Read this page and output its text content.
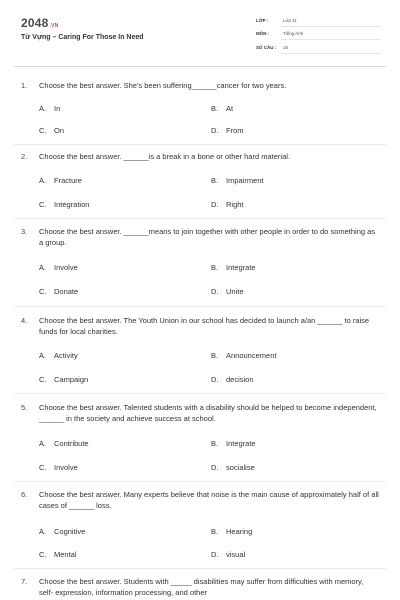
2048.VN
Từ Vựng – Caring For Those In Need
LỚP :	Lớp 11
MÔN :	Tiếng Anh
SỐ CÂU : 15
1. Choose the best answer. She's been suffering______cancer for two years.
A. In	B. At
C. On	D. From
2. Choose the best answer. ______is a break in a bone or other hard material.
A. Fracture	B. Impairment
C. Integration	D. Right
3. Choose the best answer. ______means to join together with other people in order to do something as a group.
A. Involve	B. Integrate
C. Donate	D. Unite
4. Choose the best answer. The Youth Union in our school has decided to launch a/an ______ to raise funds for local charities.
A. Activity	B. Announcement
C. Campaign	D. decision
5. Choose the best answer. Talented students with a disability should be helped to become independent, ______ in the society and achieve success at school.
A. Contribute	B. Integrate
C. Involve	D. socialise
6. Choose the best answer. Many experts believe that noise is the main cause of approximately half of all cases of ______ loss.
A. Cognitive	B. Hearing
C. Mental	D. visual
7. Choose the best answer. Students with _____ disabilities may suffer from difficulties with memory, self- expression, information processing, and other
